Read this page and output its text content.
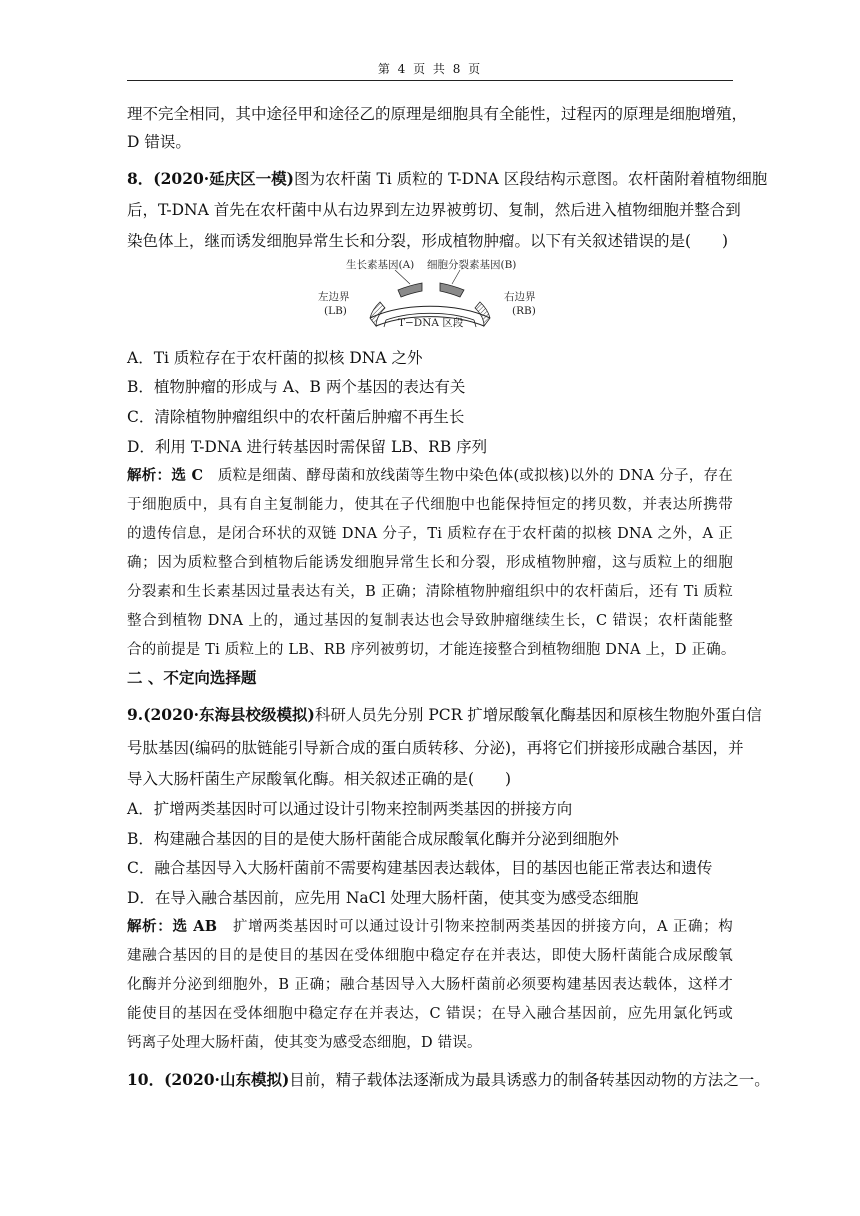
第 4 页 共 8 页
理不完全相同，其中途径甲和途径乙的原理是细胞具有全能性，过程丙的原理是细胞增殖，
D 错误。
8．(2020·延庆区一模)图为农杆菌 Ti 质粒的 T-DNA 区段结构示意图。农杆菌附着植物细胞
后，T-DNA 首先在农杆菌中从右边界到左边界被剪切、复制，然后进入植物细胞并整合到
染色体上，继而诱发细胞异常生长和分裂，形成植物肿瘤。以下有关叙述错误的是(　　)
生长素基因(A) 细胞分裂素基因(B)
左边界
(LB)
右边界
(RB)
T−DNA 区段
A．Ti 质粒存在于农杆菌的拟核 DNA 之外
B．植物肿瘤的形成与 A、B 两个基因的表达有关
C．清除植物肿瘤组织中的农杆菌后肿瘤不再生长
D．利用 T-DNA 进行转基因时需保留 LB、RB 序列
解析：选 C 质粒是细菌、酵母菌和放线菌等生物中染色体(或拟核)以外的 DNA 分子，存在
于细胞质中，具有自主复制能力，使其在子代细胞中也能保持恒定的拷贝数，并表达所携带
的遗传信息，是闭合环状的双链 DNA 分子，Ti 质粒存在于农杆菌的拟核 DNA 之外，A 正
确；因为质粒整合到植物后能诱发细胞异常生长和分裂，形成植物肿瘤，这与质粒上的细胞
分裂素和生长素基因过量表达有关，B 正确；清除植物肿瘤组织中的农杆菌后，还有 Ti 质粒
整合到植物 DNA 上的，通过基因的复制表达也会导致肿瘤继续生长，C 错误；农杆菌能整
合的前提是 Ti 质粒上的 LB、RB 序列被剪切，才能连接整合到植物细胞 DNA 上，D 正确。
二 、不定向选择题
9.(2020·东海县校级模拟)科研人员先分别 PCR 扩增尿酸氧化酶基因和原核生物胞外蛋白信
号肽基因(编码的肽链能引导新合成的蛋白质转移、分泌)，再将它们拼接形成融合基因，并
导入大肠杆菌生产尿酸氧化酶。相关叙述正确的是(　　)
A．扩增两类基因时可以通过设计引物来控制两类基因的拼接方向
B．构建融合基因的目的是使大肠杆菌能合成尿酸氧化酶并分泌到细胞外
C．融合基因导入大肠杆菌前不需要构建基因表达载体，目的基因也能正常表达和遗传
D．在导入融合基因前，应先用 NaCl 处理大肠杆菌，使其变为感受态细胞
解析：选 AB 扩增两类基因时可以通过设计引物来控制两类基因的拼接方向，A 正确；构
建融合基因的目的是使目的基因在受体细胞中稳定存在并表达，即使大肠杆菌能合成尿酸氧
化酶并分泌到细胞外，B 正确；融合基因导入大肠杆菌前必须要构建基因表达载体，这样才
能使目的基因在受体细胞中稳定存在并表达，C 错误；在导入融合基因前，应先用氯化钙或
钙离子处理大肠杆菌，使其变为感受态细胞，D 错误。
10．(2020·山东模拟)目前，精子载体法逐渐成为最具诱惑力的制备转基因动物的方法之一。
